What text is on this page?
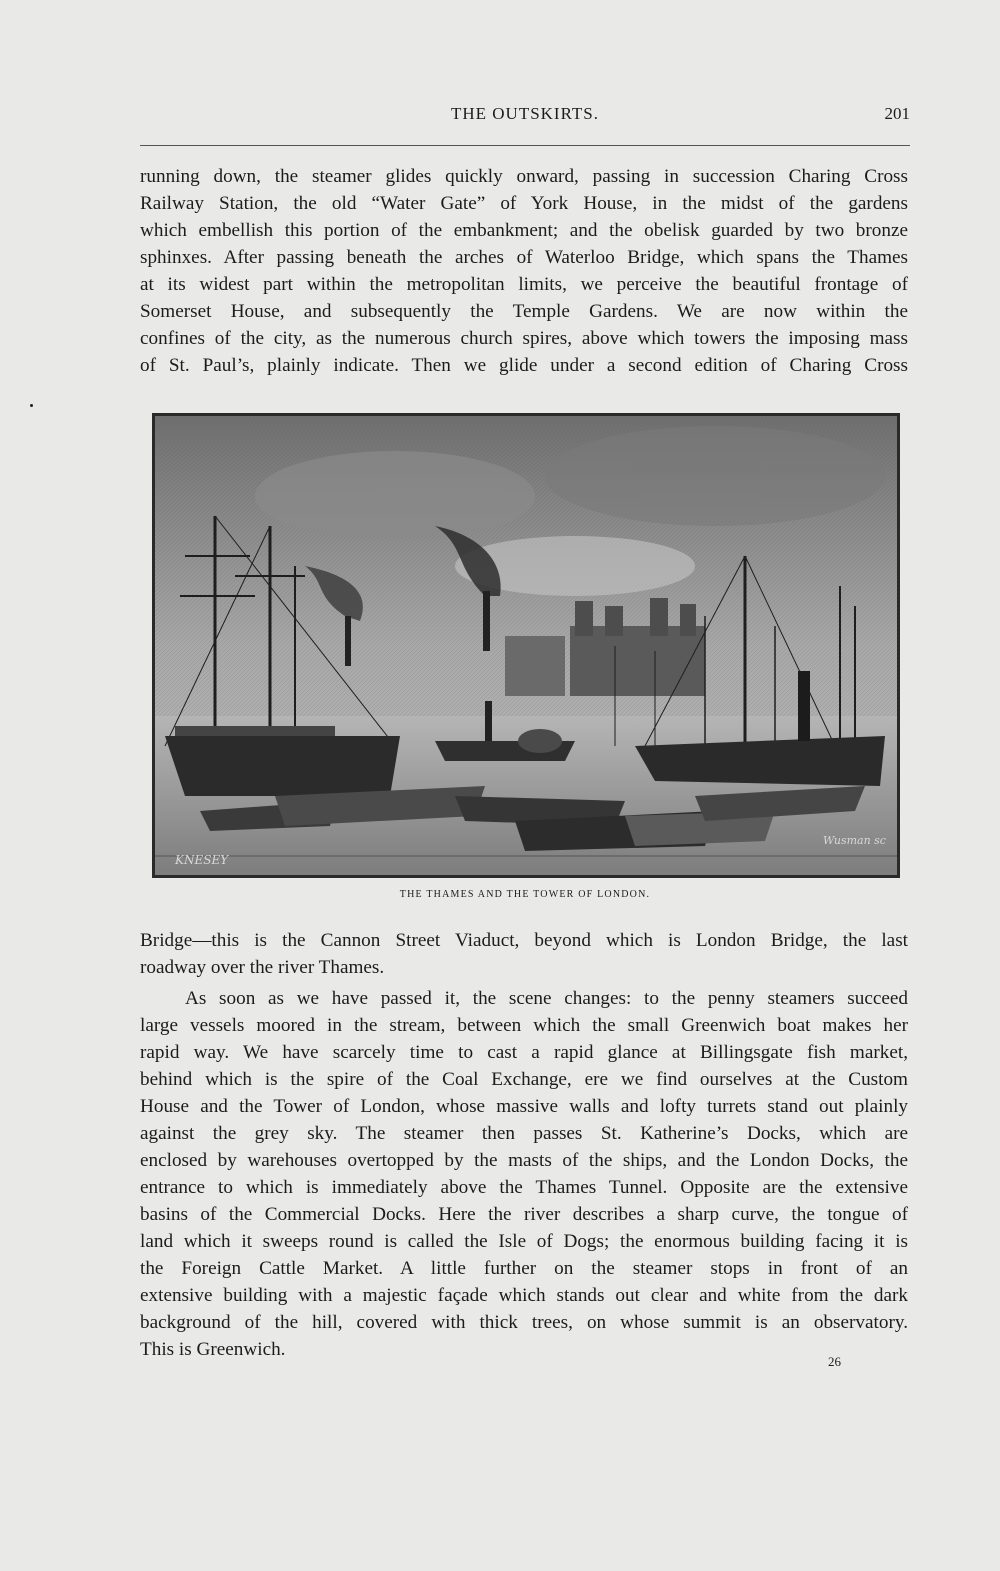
THE OUTSKIRTS.	201
running down, the steamer glides quickly onward, passing in succession Charing Cross
Railway Station, the old “Water Gate” of York House, in the midst of the gardens
which embellish this portion of the embankment; and the obelisk guarded by two bronze
sphinxes. After passing beneath the arches of Waterloo Bridge, which spans the Thames
at its widest part within the metropolitan limits, we perceive the beautiful frontage of
Somerset House, and subsequently the Temple Gardens. We are now within the
confines of the city, as the numerous church spires, above which towers the imposing mass
of St. Paul’s, plainly indicate. Then we glide under a second edition of Charing Cross
KNESEY
Wusman sc
THE THAMES AND THE TOWER OF LONDON.
Bridge—this is the Cannon Street Viaduct, beyond which is London Bridge, the last
roadway over the river Thames.
As soon as we have passed it, the scene changes: to the penny steamers succeed
large vessels moored in the stream, between which the small Greenwich boat makes her
rapid way. We have scarcely time to cast a rapid glance at Billingsgate fish market,
behind which is the spire of the Coal Exchange, ere we find ourselves at the Custom
House and the Tower of London, whose massive walls and lofty turrets stand out plainly
against the grey sky. The steamer then passes St. Katherine’s Docks, which are
enclosed by warehouses overtopped by the masts of the ships, and the London Docks, the
entrance to which is immediately above the Thames Tunnel. Opposite are the extensive
basins of the Commercial Docks. Here the river describes a sharp curve, the tongue of
land which it sweeps round is called the Isle of Dogs; the enormous building facing it is
the Foreign Cattle Market. A little further on the steamer stops in front of an
extensive building with a majestic façade which stands out clear and white from the dark
background of the hill, covered with thick trees, on whose summit is an observatory.
This is Greenwich.
26
